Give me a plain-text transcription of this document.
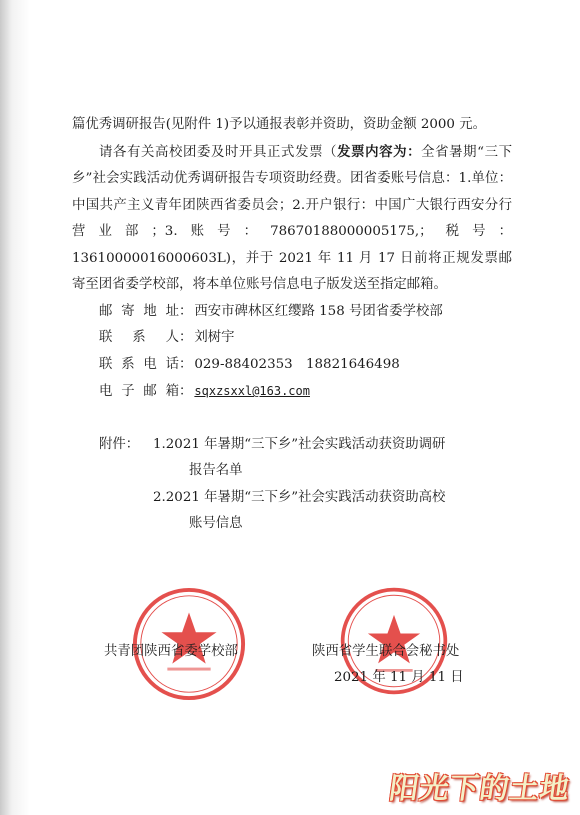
篇优秀调研报告(见附件 1)予以通报表彰并资助，资助金额 2000 元。

请各有关高校团委及时开具正式发票（发票内容为：全省暑期“三下乡”社会实践活动优秀调研报告专项资助经费。团省委账号信息：1.单位：中国共产主义青年团陕西省委员会；2.开户银行：中国广大银行西安分行营业部；3.账号：78670188000005175,；税号：13610000016000603L)，并于 2021 年 11 月 17 日前将正规发票邮寄至团省委学校部，将本单位账号信息电子版发送至指定邮箱。

邮寄地址： 西安市碑林区红缨路 158 号团省委学校部

联 系 人： 刘树宇

联系电话： 029-88402353　18821646498

电子邮箱： sqxzsxxl@163.com

附件：	1.2021 年暑期“三下乡”社会实践活动获资助调研
报告名单

2.2021 年暑期“三下乡”社会实践活动获资助高校
账号信息

共青团陕西省委学校部	陕西省学生联合会秘书处
2021 年 11 月 11 日
阳光下的土地
